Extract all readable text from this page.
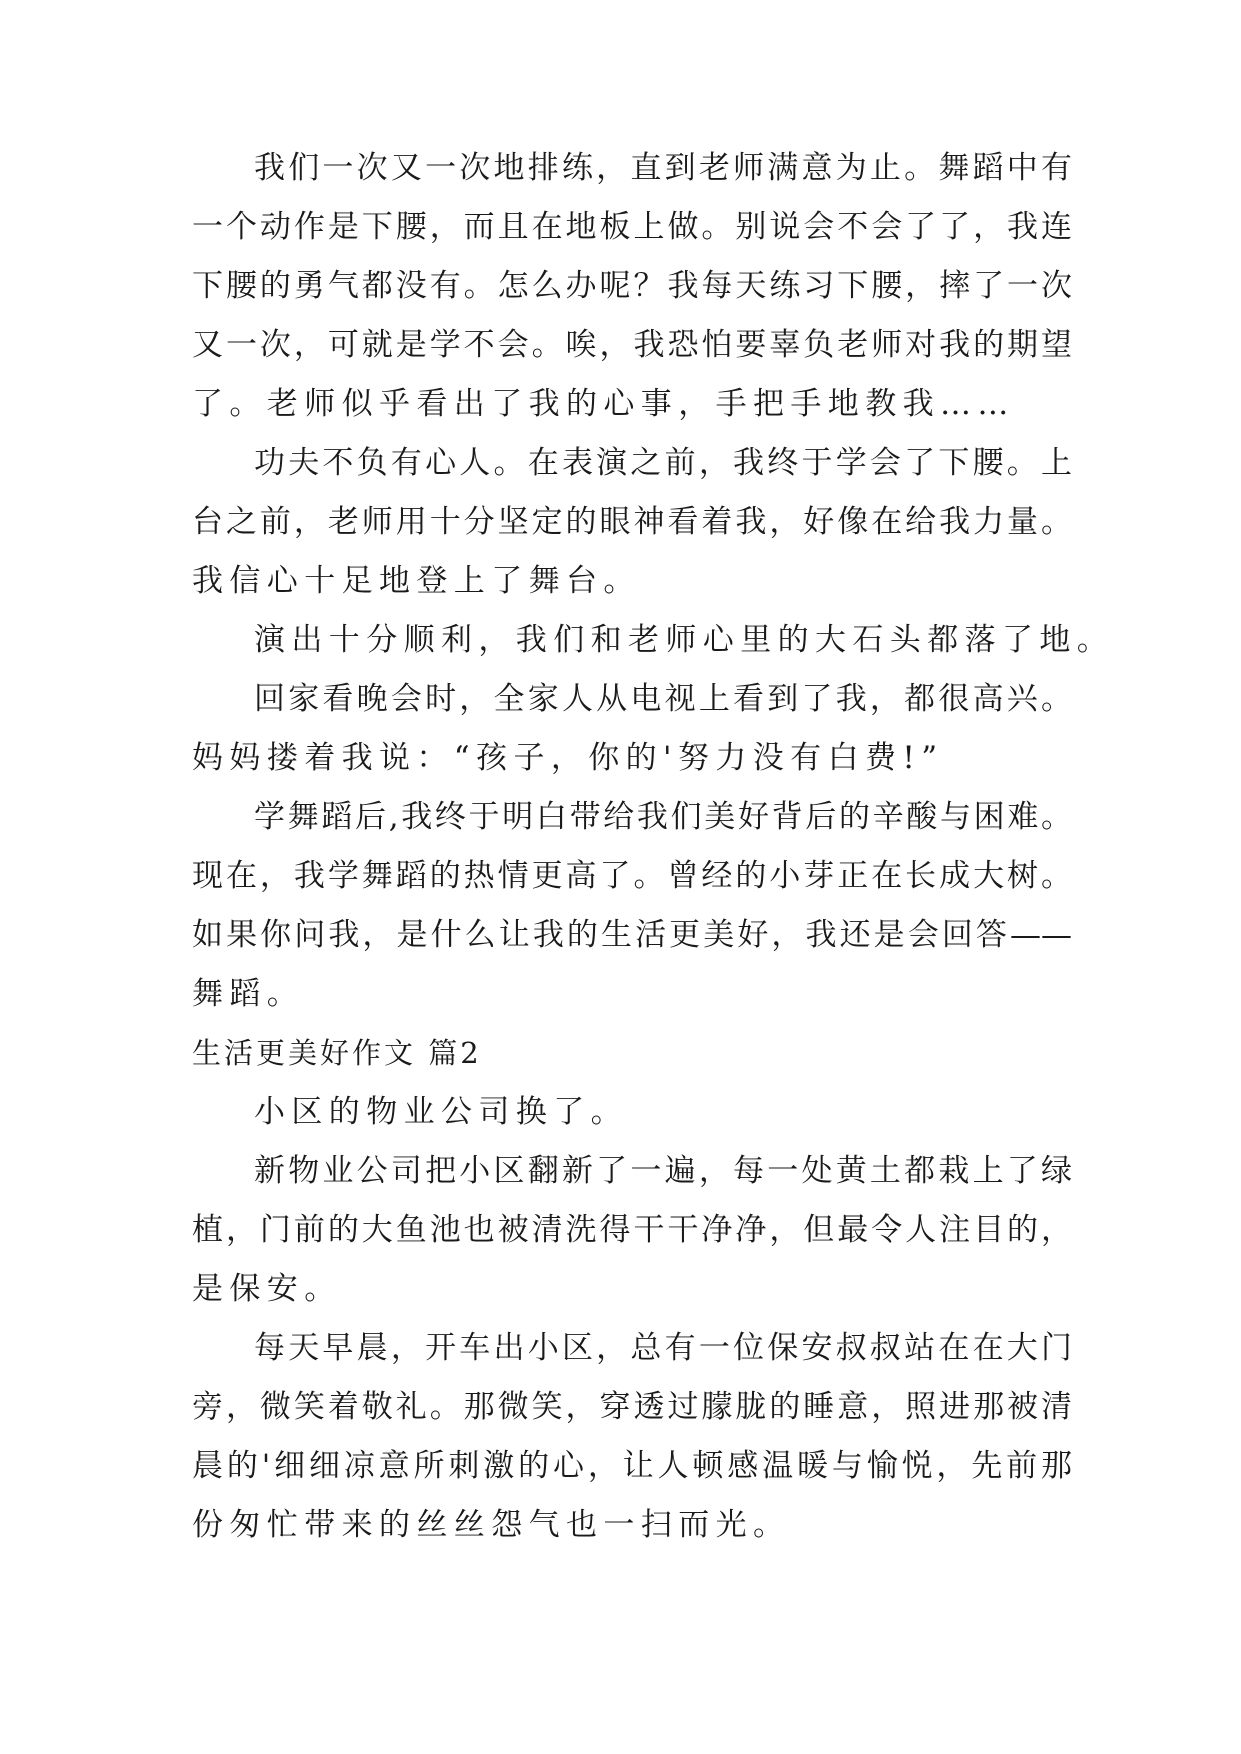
我们一次又一次地排练，直到老师满意为止。舞蹈中有
一个动作是下腰，而且在地板上做。别说会不会了了，我连
下腰的勇气都没有。怎么办呢？我每天练习下腰，摔了一次
又一次，可就是学不会。唉，我恐怕要辜负老师对我的期望
了。老师似乎看出了我的心事，手把手地教我……
功夫不负有心人。在表演之前，我终于学会了下腰。上
台之前，老师用十分坚定的眼神看着我，好像在给我力量。
我信心十足地登上了舞台。
演出十分顺利，我们和老师心里的大石头都落了地。
回家看晚会时，全家人从电视上看到了我，都很高兴。
妈妈搂着我说：“孩子，你的'努力没有白费!”
学舞蹈后,我终于明白带给我们美好背后的辛酸与困难。
现在，我学舞蹈的热情更高了。曾经的小芽正在长成大树。
如果你问我，是什么让我的生活更美好，我还是会回答——
舞蹈。
生活更美好作文 篇2
小区的物业公司换了。
新物业公司把小区翻新了一遍，每一处黄土都栽上了绿
植，门前的大鱼池也被清洗得干干净净，但最令人注目的，
是保安。
每天早晨，开车出小区，总有一位保安叔叔站在在大门
旁，微笑着敬礼。那微笑，穿透过朦胧的睡意，照进那被清
晨的'细细凉意所刺激的心，让人顿感温暖与愉悦，先前那
份匆忙带来的丝丝怨气也一扫而光。
